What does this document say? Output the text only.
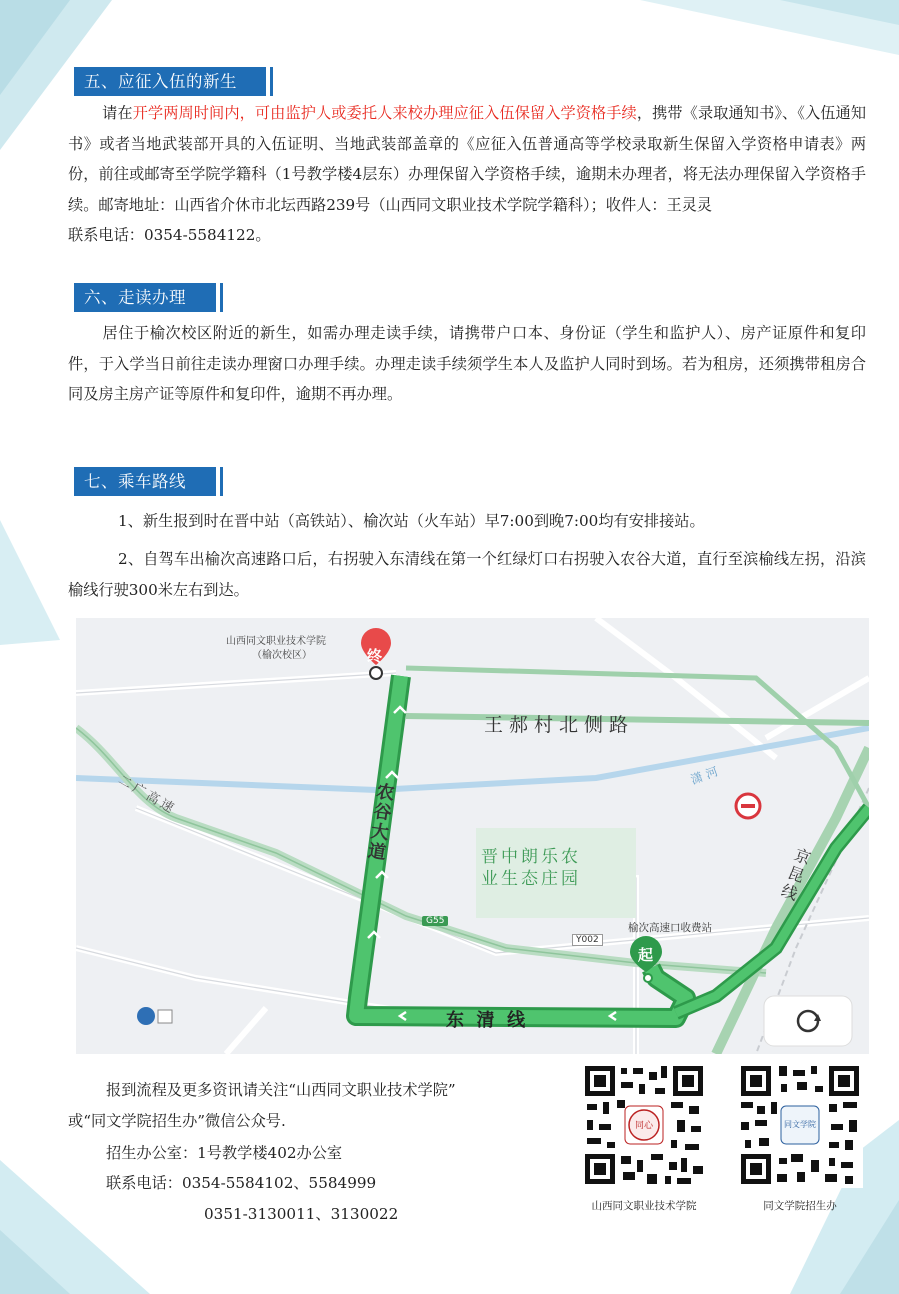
五、应征入伍的新生

请在开学两周时间内，可由监护人或委托人来校办理应征入伍保留入学资格手续，携带《录取通知书》、《入伍通知书》或者当地武装部开具的入伍证明、当地武装部盖章的《应征入伍普通高等学校录取新生保留入学资格申请表》两份，前往或邮寄至学院学籍科（1号教学楼4层东）办理保留入学资格手续，逾期未办理者，将无法办理保留入学资格手续。邮寄地址：山西省介休市北坛西路239号（山西同文职业技术学院学籍科）；收件人：王灵灵
联系电话：0354-5584122。

六、走读办理

居住于榆次校区附近的新生，如需办理走读手续，请携带户口本、身份证（学生和监护人）、房产证原件和复印件，于入学当日前往走读办理窗口办理手续。办理走读手续须学生本人及监护人同时到场。若为租房，还须携带租房合同及房主房产证等原件和复印件，逾期不再办理。

七、乘车路线

1、新生报到时在晋中站（高铁站）、榆次站（火车站）早7:00到晚7:00均有安排接站。

2、自驾车出榆次高速路口后，右拐驶入东清线在第一个红绿灯口右拐驶入农谷大道，直行至滨榆线左拐，沿滨榆线行驶300米左右到达。

山西同文职业技术学院
（榆次校区）	终
起
王郝村北侧路
农
谷
大
道
东  清  线
京
昆
线
二广高速
潇河
晋中朗乐农
业生态庄园
榆次高速口收费站
G55
Y002
报到流程及更多资讯请关注“山西同文职业技术学院”
或“同文学院招生办”微信公众号.
招生办公室：1号教学楼402办公室
联系电话：0354-5584102、5584999
0351-3130011、3130022
同心
山西同文职业技术学院
同文学院
同文学院招生办
